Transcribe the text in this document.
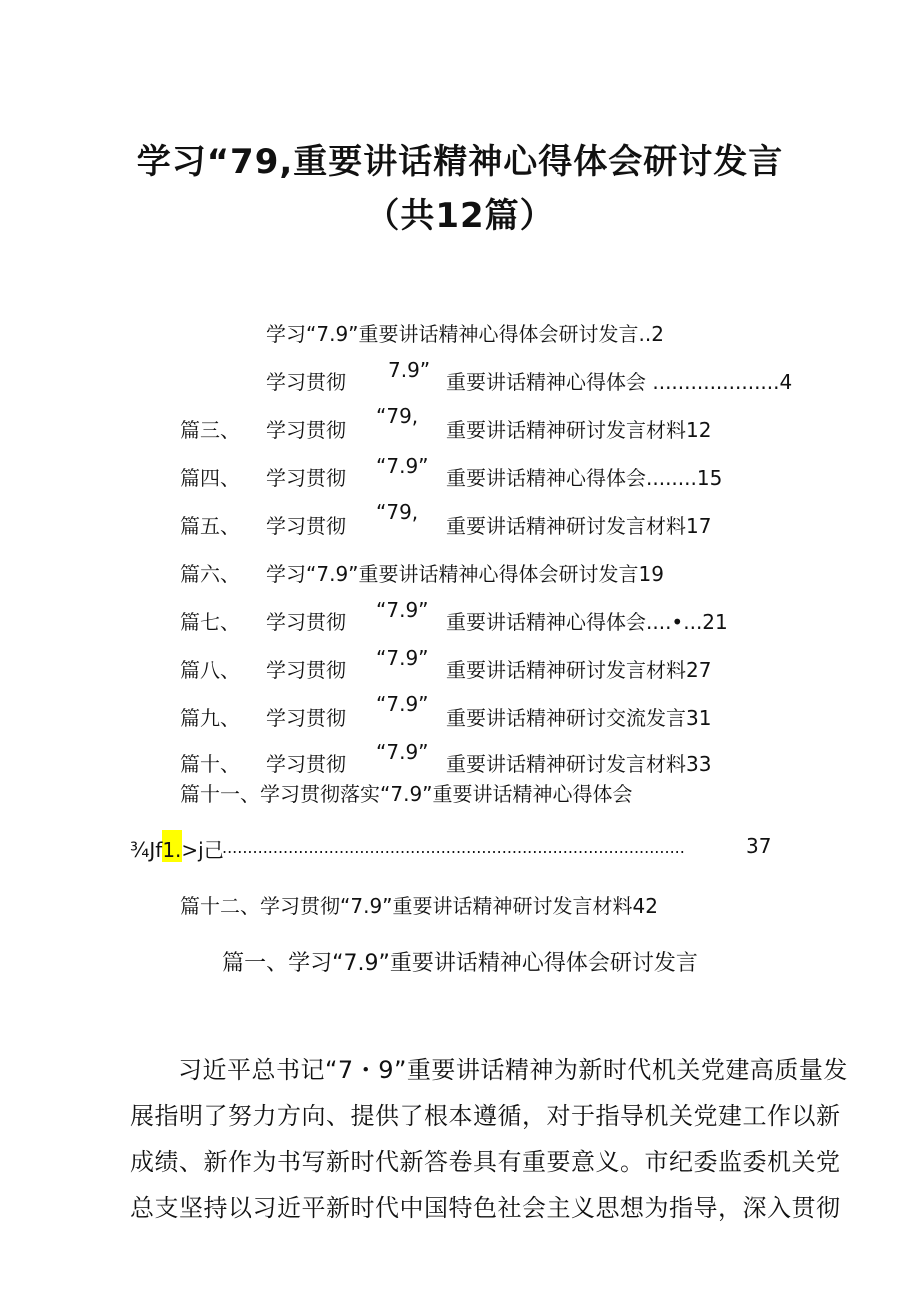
学习“79,重要讲话精神心得体会研讨发言
（共12篇）
学习“7.9”重要讲话精神心得体会研讨发言..2
学习贯彻 7.9” 重要讲话精神心得体会 ....................4
篇三、 学习贯彻
“79,
重要讲话精神研讨发言材料12
篇四、 学习贯彻 “7.9” 重要讲话精神心得体会........15
篇五、 学习贯彻
“79,
重要讲话精神研讨发言材料17
篇六、 学习“7.9”重要讲话精神心得体会研讨发言19
篇七、 学习贯彻 “7.9” 重要讲话精神心得体会....•...21
篇八、 学习贯彻 “7.9” 重要讲话精神研讨发言材料27
篇九、 学习贯彻
“7.9”
重要讲话精神研讨交流发言31
篇十、 学习贯彻 “7.9” 重要讲话精神研讨发言材料33
篇十一、学习贯彻落实“7.9”重要讲话精神心得体会
¾Jf1.>j己
...........................................................................................	37
篇十二、学习贯彻“7.9”重要讲话精神研讨发言材料42
篇一、学习“7.9”重要讲话精神心得体会研讨发言
习近平总书记“7・9”重要讲话精神为新时代机关党建高质量发
展指明了努力方向、提供了根本遵循，对于指导机关党建工作以新
成绩、新作为书写新时代新答卷具有重要意义。市纪委监委机关党
总支坚持以习近平新时代中国特色社会主义思想为指导，深入贯彻
